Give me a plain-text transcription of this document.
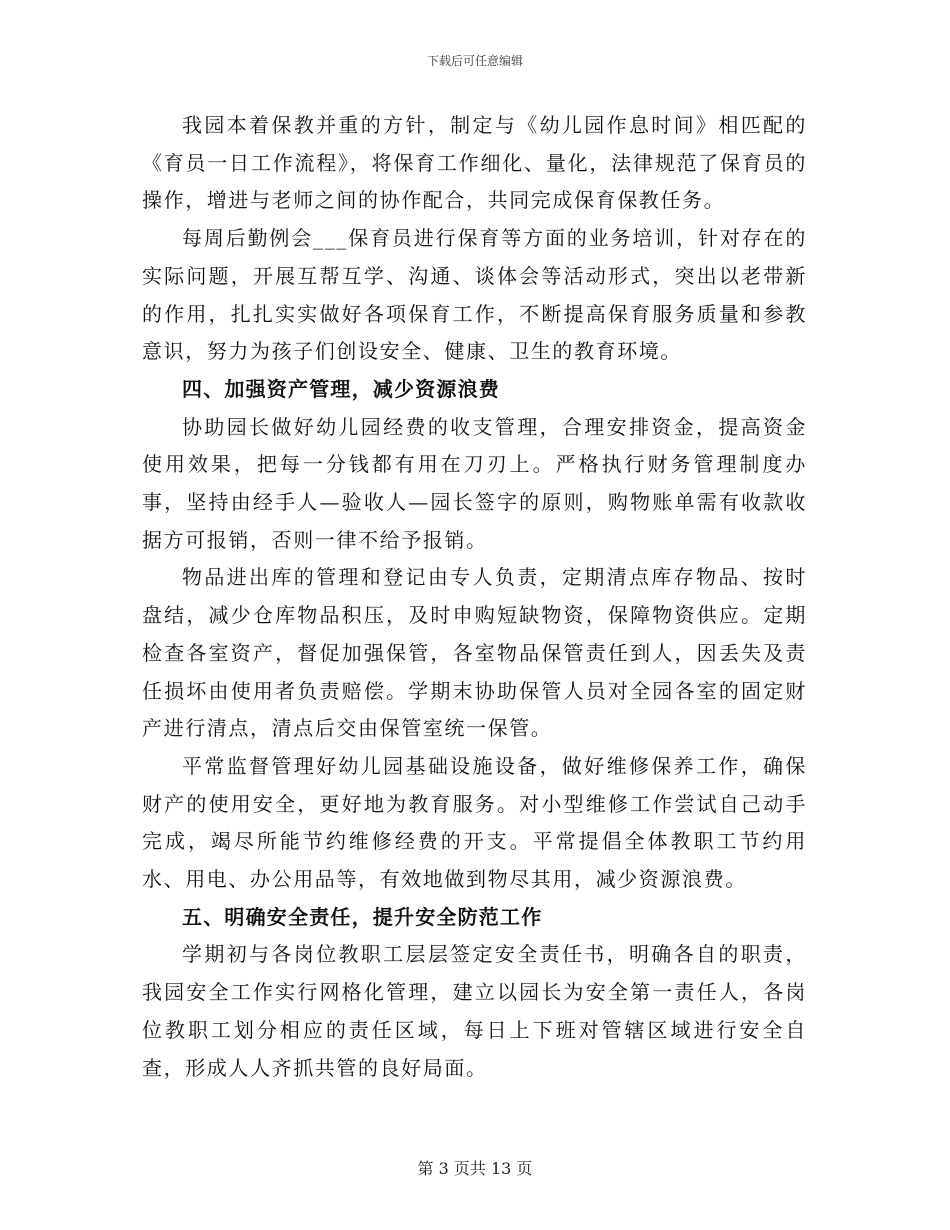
下载后可任意编辑

我园本着保教并重的方针，制定与《幼儿园作息时间》相匹配的《育员一日工作流程》，将保育工作细化、量化，法律规范了保育员的操作，增进与老师之间的协作配合，共同完成保育保教任务。

每周后勤例会___保育员进行保育等方面的业务培训，针对存在的实际问题，开展互帮互学、沟通、谈体会等活动形式，突出以老带新的作用，扎扎实实做好各项保育工作，不断提高保育服务质量和参教意识，努力为孩子们创设安全、健康、卫生的教育环境。

四、加强资产管理，减少资源浪费

协助园长做好幼儿园经费的收支管理，合理安排资金，提高资金使用效果，把每一分钱都有用在刀刃上。严格执行财务管理制度办事，坚持由经手人—验收人—园长签字的原则，购物账单需有收款收据方可报销，否则一律不给予报销。

物品进出库的管理和登记由专人负责，定期清点库存物品、按时盘结，减少仓库物品积压，及时申购短缺物资，保障物资供应。定期检查各室资产，督促加强保管，各室物品保管责任到人，因丢失及责任损坏由使用者负责赔偿。学期末协助保管人员对全园各室的固定财产进行清点，清点后交由保管室统一保管。

平常监督管理好幼儿园基础设施设备，做好维修保养工作，确保财产的使用安全，更好地为教育服务。对小型维修工作尝试自己动手完成，竭尽所能节约维修经费的开支。平常提倡全体教职工节约用水、用电、办公用品等，有效地做到物尽其用，减少资源浪费。

五、明确安全责任，提升安全防范工作

学期初与各岗位教职工层层签定安全责任书，明确各自的职责，我园安全工作实行网格化管理，建立以园长为安全第一责任人，各岗位教职工划分相应的责任区域，每日上下班对管辖区域进行安全自查，形成人人齐抓共管的良好局面。

第 3 页共 13 页
